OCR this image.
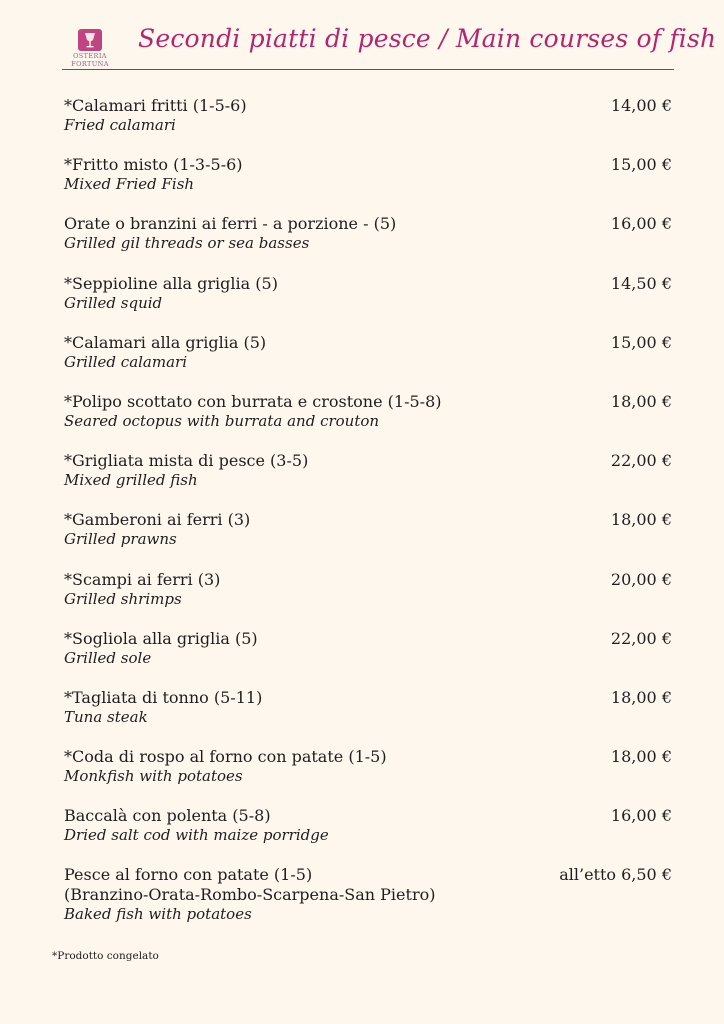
OSTERIA
FORTUNA
Secondi piatti di pesce / Main courses of fish
*Calamari fritti (1-5-6)
Fried calamari
14,00 €
*Fritto misto (1-3-5-6)
Mixed Fried Fish
15,00 €
Orate o branzini ai ferri - a porzione - (5)
Grilled gil threads or sea basses
16,00 €
*Seppioline alla griglia (5)
Grilled squid
14,50 €
*Calamari alla griglia (5)
Grilled calamari
15,00 €
*Polipo scottato con burrata e crostone (1-5-8)
Seared octopus with burrata and crouton
18,00 €
*Grigliata mista di pesce (3-5)
Mixed grilled fish
22,00 €
*Gamberoni ai ferri (3)
Grilled prawns
18,00 €
*Scampi ai ferri (3)
Grilled shrimps
20,00 €
*Sogliola alla griglia (5)
Grilled sole
22,00 €
*Tagliata di tonno (5-11)
Tuna steak
18,00 €
*Coda di rospo al forno con patate (1-5)
Monkfish with potatoes
18,00 €
Baccalà con polenta (5-8)
Dried salt cod with maize porridge
16,00 €
Pesce al forno con patate (1-5)
(Branzino-Orata-Rombo-Scarpena-San Pietro)
Baked fish with potatoes
all’etto 6,50 €
*Prodotto congelato
